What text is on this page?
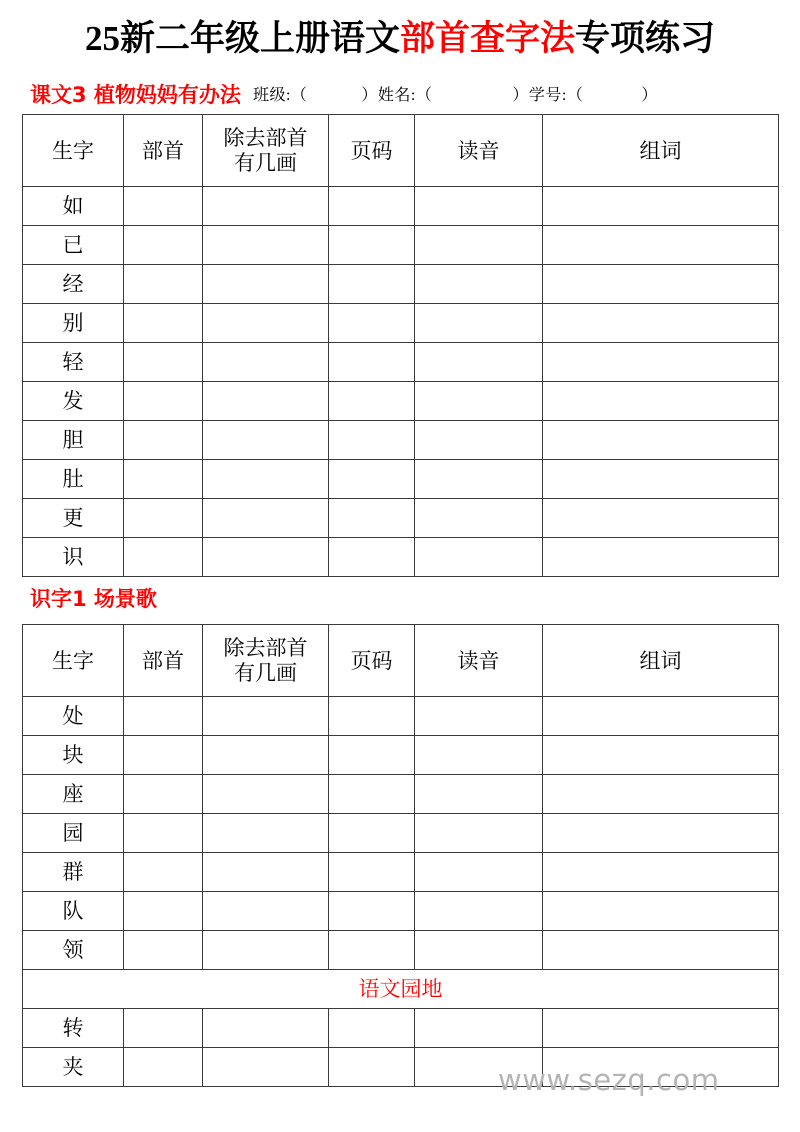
25新二年级上册语文部首查字法专项练习
课文3 植物妈妈有办法 班级:（	）姓名:（	）学号:（	）
生字	部首	除去部首
有几画	页码	读音	组词
如					
已					
经					
别					
轻					
发					
胆					
肚					
更					
识					
识字1 场景歌
生字	部首	除去部首
有几画	页码	读音	组词
处					
块					
座					
园					
群					
队					
领					
语文园地					
转					
夹						www.sezq.com
